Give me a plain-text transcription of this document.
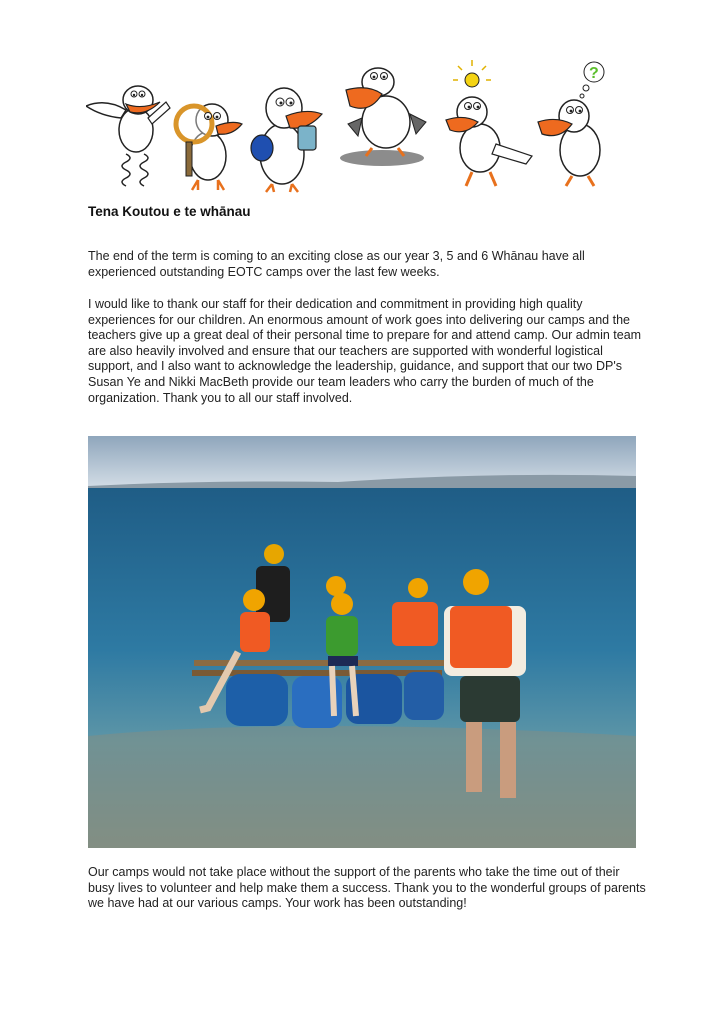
?
Tena Koutou e te whānau

The end of the term is coming to an exciting close as our year 3, 5 and 6 Whānau have all experienced outstanding EOTC camps over the last few weeks.

I would like to thank our staff for their dedication and commitment in providing high quality experiences for our children. An enormous amount of work goes into delivering our camps and the teachers give up a great deal of their personal time to prepare for and attend camp. Our admin team are also heavily involved and ensure that our teachers are supported with wonderful logistical support, and I also want to acknowledge the leadership, guidance, and support that our two DP's Susan Ye and Nikki MacBeth provide our team leaders who carry the burden of much of the organization. Thank you to all our staff involved.

Our camps would not take place without the support of the parents who take the time out of their busy lives to volunteer and help make them a success. Thank you to the wonderful groups of parents we have had at our various camps. Your work has been outstanding!
